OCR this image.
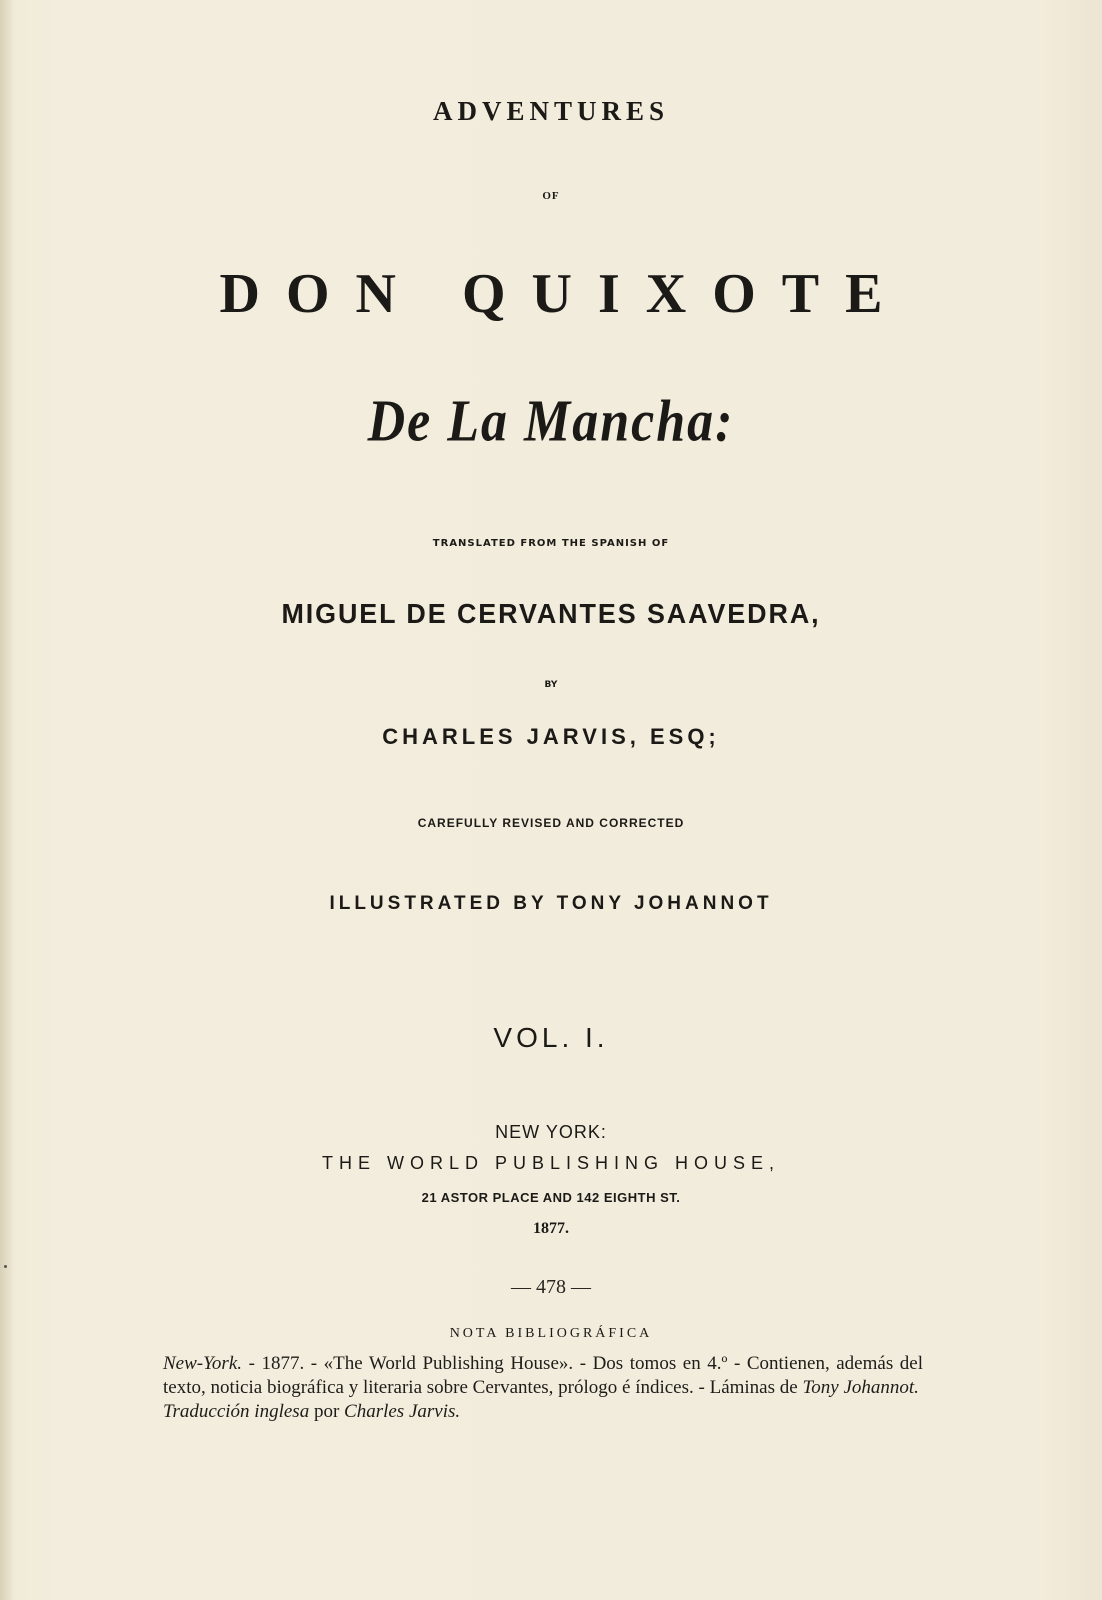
ADVENTURES
OF
DON QUIXOTE
De La Mancha:
TRANSLATED FROM THE SPANISH OF
MIGUEL DE CERVANTES SAAVEDRA,
BY
CHARLES JARVIS, ESQ;
CAREFULLY REVISED AND CORRECTED
ILLUSTRATED BY TONY JOHANNOT
VOL. I.
NEW YORK:
THE WORLD PUBLISHING HOUSE,
21 ASTOR PLACE AND 142 EIGHTH ST.
1877.
— 478 —
NOTA BIBLIOGRÁFICA

New-York. - 1877. - «The World Publishing House». - Dos tomos en 4.º - Contienen, además del texto, noticia biográfica y literaria sobre Cervantes, prólogo é índices. - Láminas de Tony Johannot.

Traducción inglesa por Charles Jarvis.
